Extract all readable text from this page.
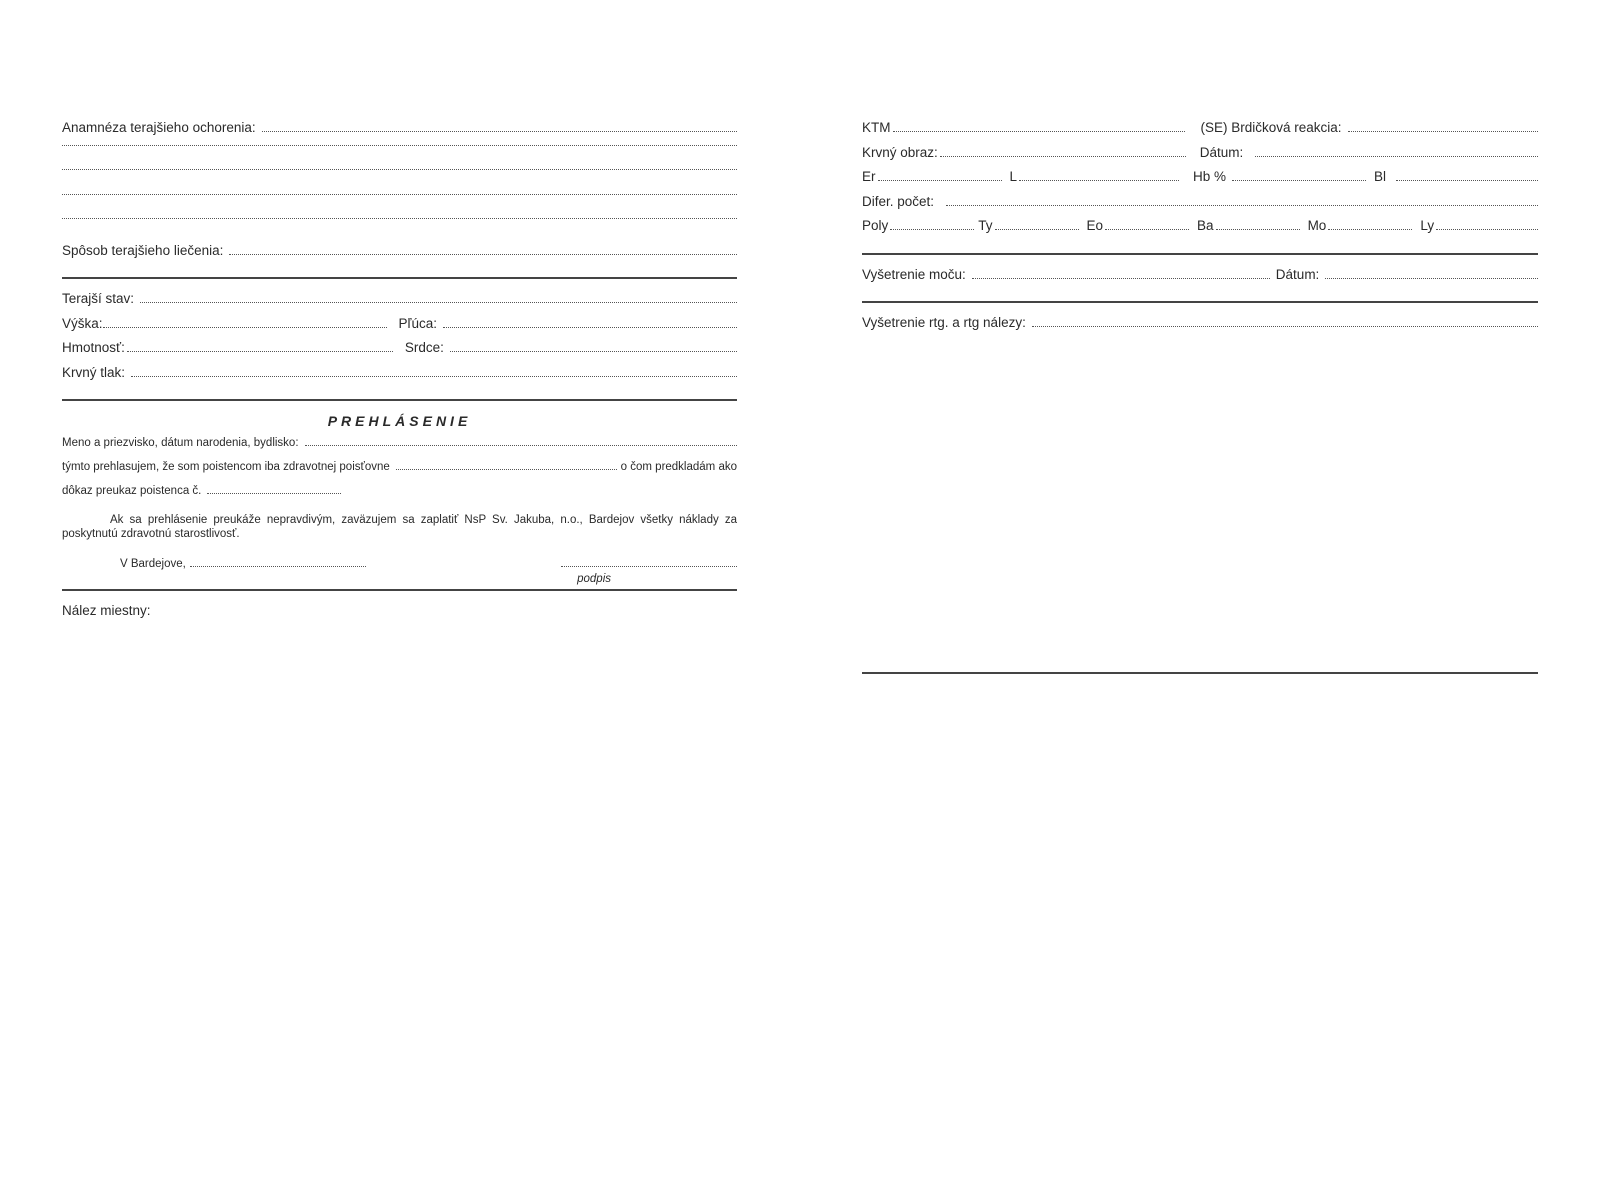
Anamnéza terajšieho ochorenia:
Spôsob terajšieho liečenia:
Terajší stav:
Výška:	Pľúca:
Hmotnosť:	Srdce:
Krvný tlak:
PREHLÁSENIE
Meno a priezvisko, dátum narodenia, bydlisko:
týmto prehlasujem, že som poistencom iba zdravotnej poisťovne	o čom predkladám ako
dôkaz preukaz poistenca č.
Ak sa prehlásenie preukáže nepravdivým, zaväzujem sa zaplatiť NsP Sv. Jakuba, n.o., Bardejov všetky náklady za poskytnutú zdravotnú starostlivosť.
V Bardejove,
podpis
Nález miestny:
KTM	(SE) Brdičková reakcia:
Krvný obraz:	Dátum:
Er	L	Hb %	Bl
Difer. počet:
Poly	Ty	Eo	Ba	Mo	Ly
Vyšetrenie moču:	Dátum:
Vyšetrenie rtg. a rtg nálezy:
